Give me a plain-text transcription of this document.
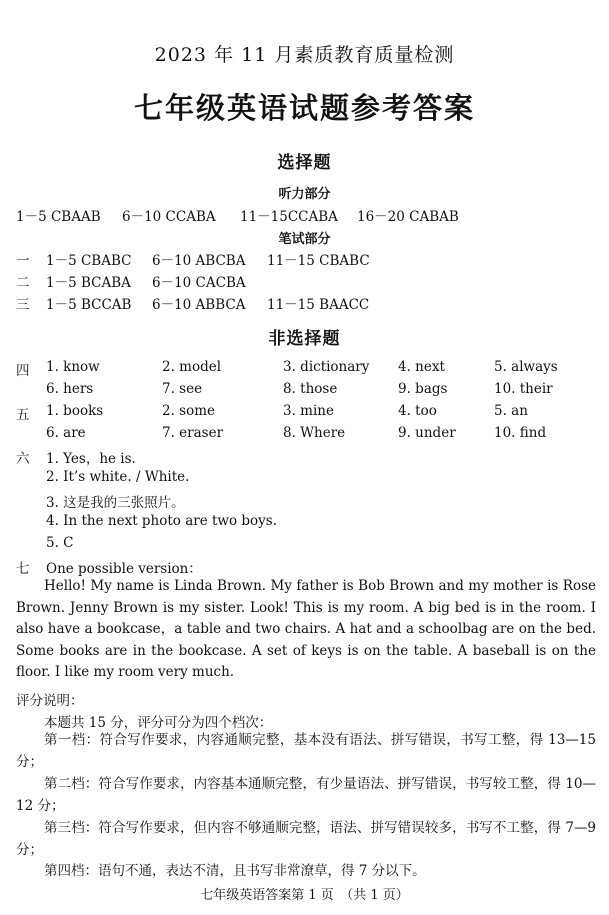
2023 年 11 月素质教育质量检测
七年级英语试题参考答案
选择题
听力部分
1－5 CBAAB 6－10 CCABA 11－15CCABA 16－20 CABAB
笔试部分
一 1－5 CBABC 6－10 ABCBA 11－15 CBABC
二 1－5 BCABA 6－10 CACBA
三 1－5 BCCAB 6－10 ABBCA 11－15 BAACC
非选择题
四 1. know	2. model	3. dictionary 4. next	5. always
6. hers	7. see	8. those	9. bags	10. their
五 1. books	2. some	3. mine	4. too	5. an
6. are	7. eraser	8. Where	9. under	10. find
六 1. Yes，he is.
2. It’s white. / White.
3. 这是我的三张照片。
4. In the next photo are two boys.
5. C
七 One possible version：
Hello! My name is Linda Brown. My father is Bob Brown and my mother is Rose Brown. Jenny Brown is my sister. Look! This is my room. A big bed is in the room. I also have a bookcase，a table and two chairs. A hat and a schoolbag are on the bed. Some books are in the bookcase. A set of keys is on the table. A baseball is on the floor. I like my room very much.
评分说明：
本题共 15 分，评分可分为四个档次：
第一档：符合写作要求，内容通顺完整，基本没有语法、拼写错误，书写工整，得 13—15 分；
第二档：符合写作要求，内容基本通顺完整，有少量语法、拼写错误，书写较工整，得 10—12 分；
第三档：符合写作要求，但内容不够通顺完整，语法、拼写错误较多，书写不工整，得 7—9 分；
第四档：语句不通，表达不清，且书写非常潦草，得 7 分以下。
七年级英语答案第 1 页　（共 1 页）
